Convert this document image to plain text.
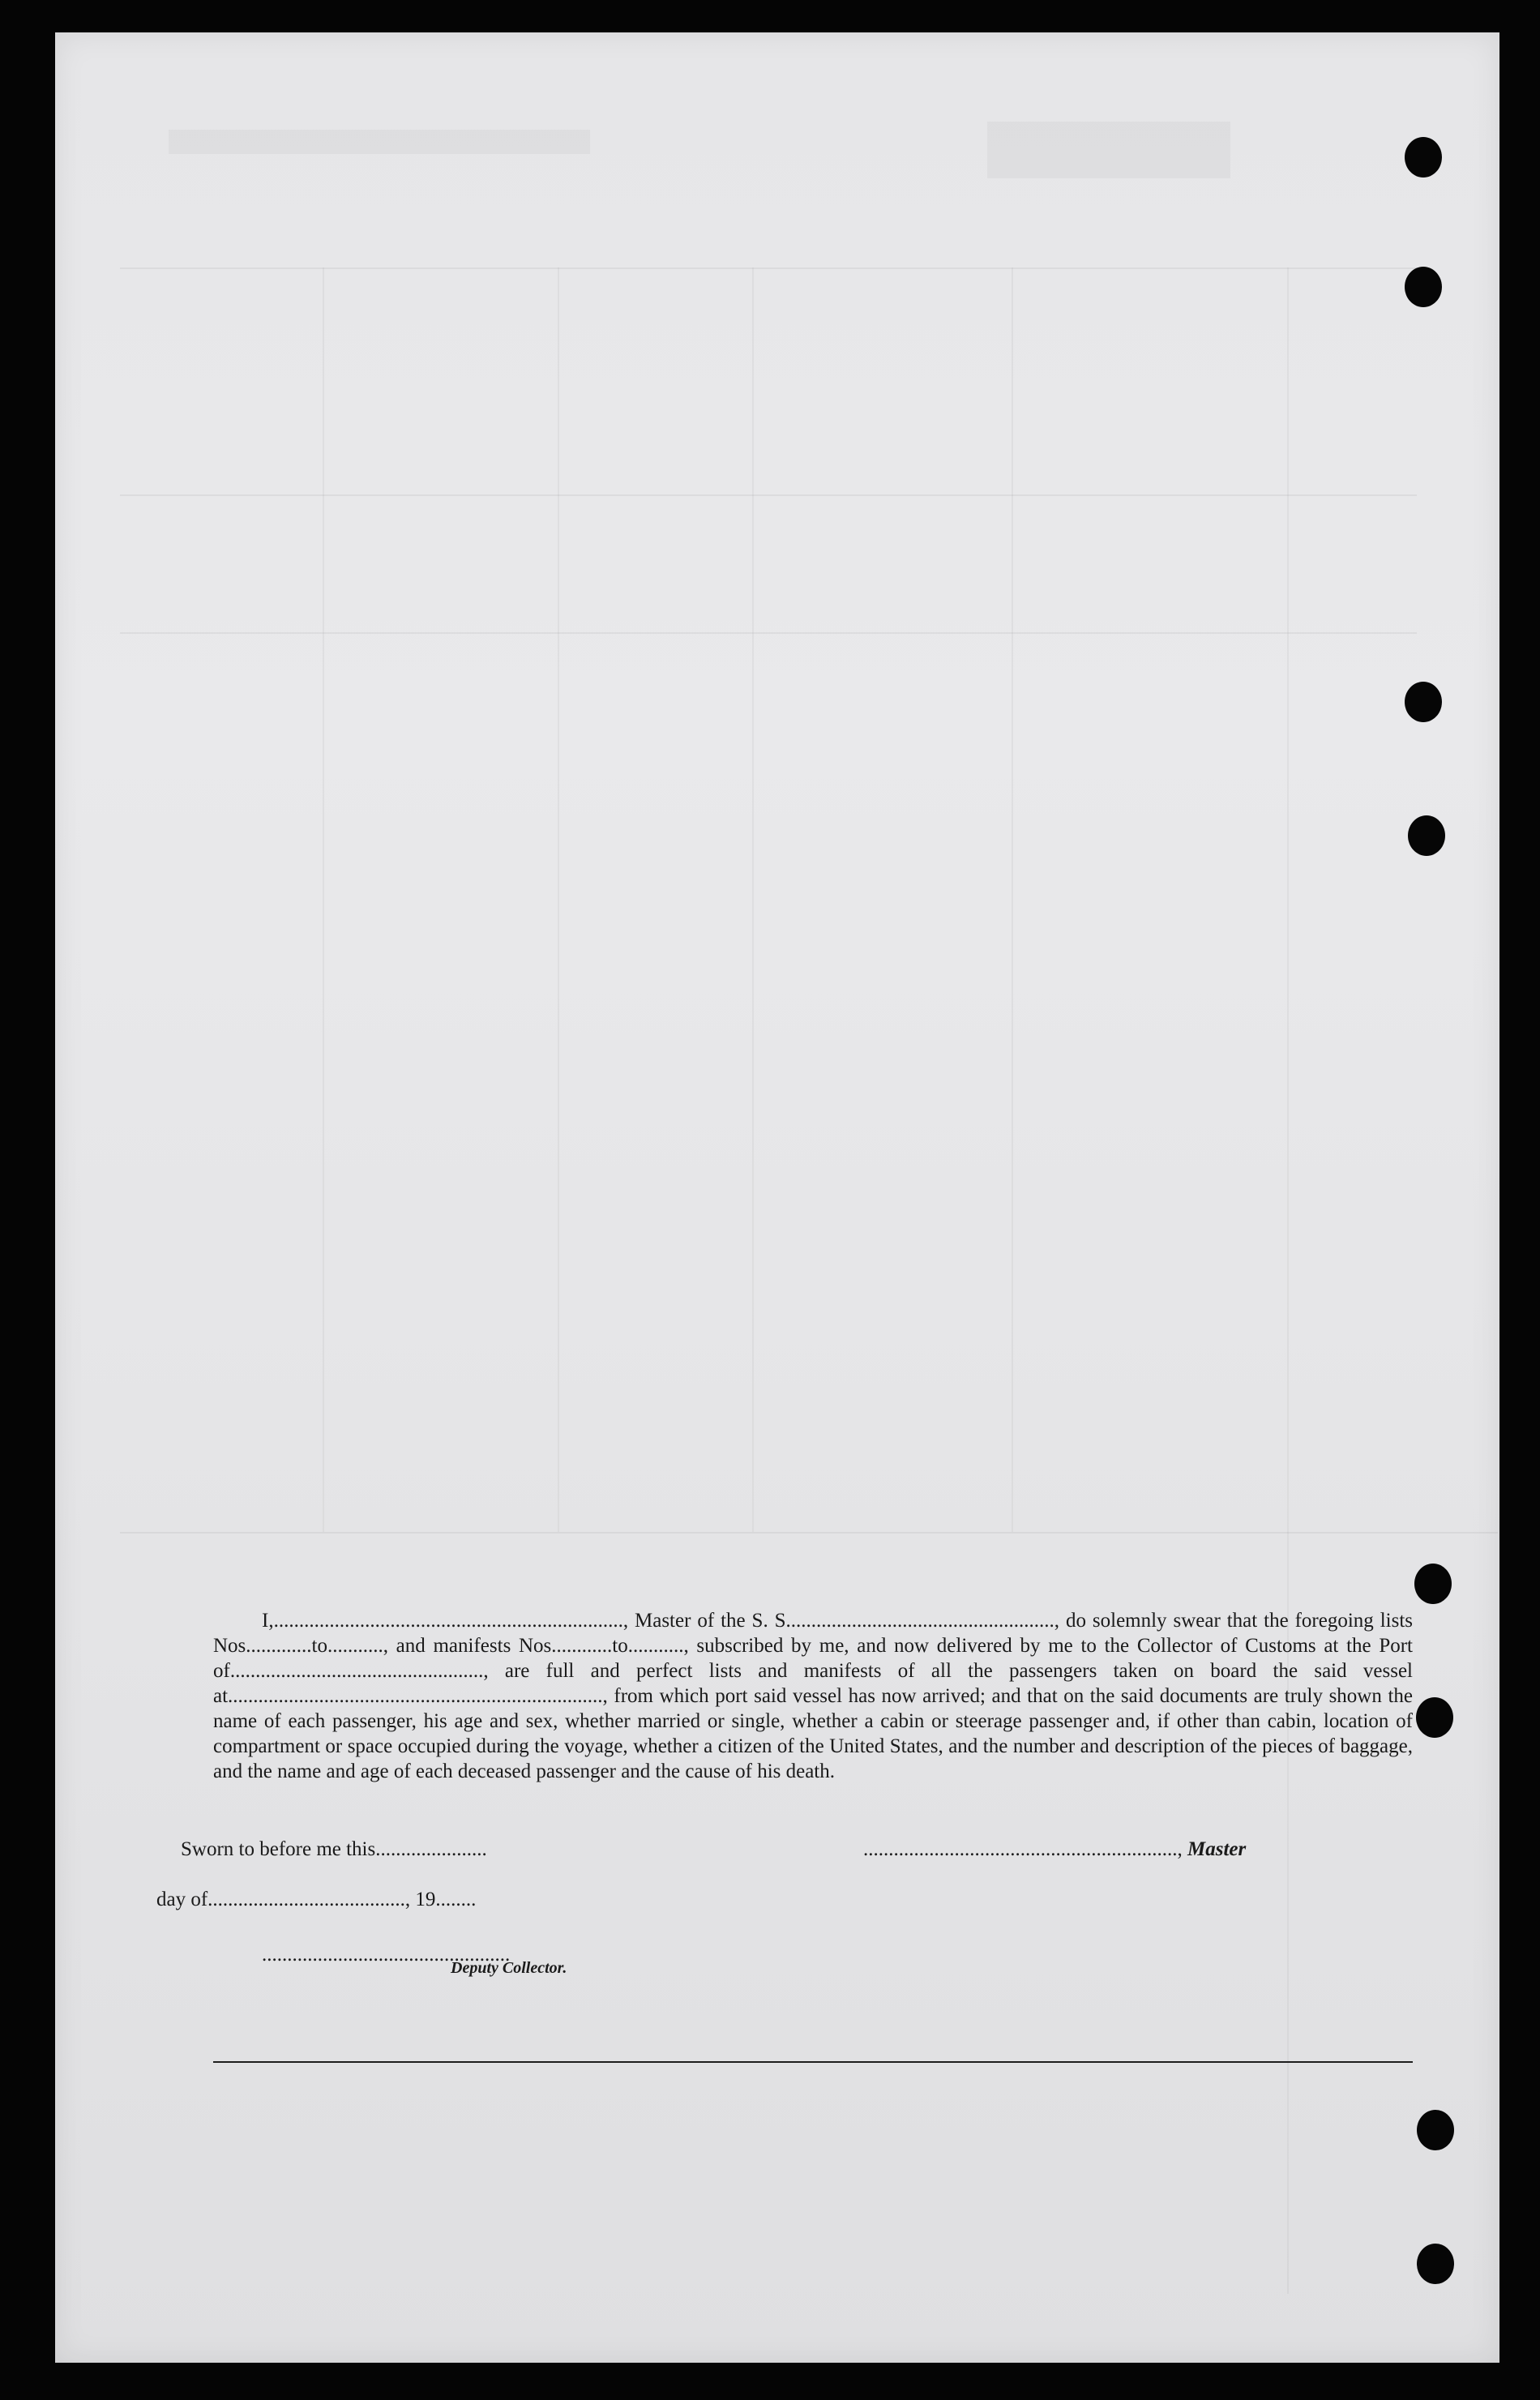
I,....................................................................., Master of the S. S....................................................., do solemnly swear that the foregoing lists Nos.............to..........., and manifests Nos............to..........., subscribed by me, and now delivered by me to the Collector of Customs at the Port of.................................................., are full and perfect lists and manifests of all the passengers taken on board the said vessel at.........................................................................., from which port said vessel has now arrived; and that on the said documents are truly shown the name of each passenger, his age and sex, whether married or single, whether a cabin or steerage passenger and, if other than cabin, location of compartment or space occupied during the voyage, whether a citizen of the United States, and the number and description of the pieces of baggage, and the name and age of each deceased passenger and the cause of his death.

Sworn to before me this......................	.............................................................., Master
day of......................................., 19........
.................................................
Deputy Collector.
